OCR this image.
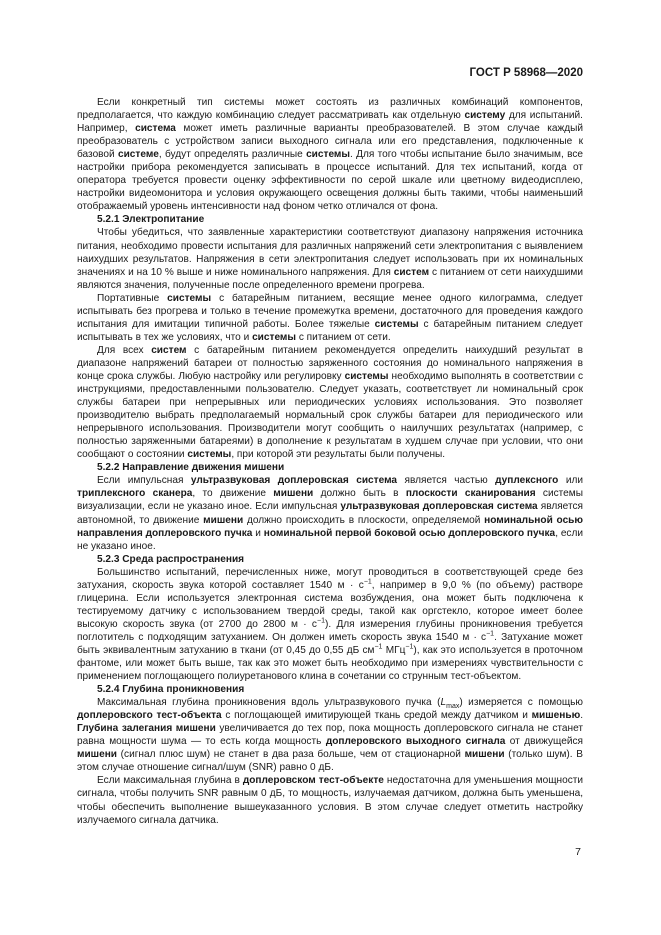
ГОСТ Р 58968—2020

Если конкретный тип системы может состоять из различных комбинаций компонентов, предполагается, что каждую комбинацию следует рассматривать как отдельную систему для испытаний. Например, система может иметь различные варианты преобразователей. В этом случае каждый преобразователь с устройством записи выходного сигнала или его представления, подключенные к базовой системе, будут определять различные системы. Для того чтобы испытание было значимым, все настройки прибора рекомендуется записывать в процессе испытаний. Для тех испытаний, когда от оператора требуется провести оценку эффективности по серой шкале или цветному видеодисплею, настройки видеомонитора и условия окружающего освещения должны быть такими, чтобы наименьший отображаемый уровень интенсивности над фоном четко отличался от фона.

5.2.1 Электропитание

Чтобы убедиться, что заявленные характеристики соответствуют диапазону напряжения источника питания, необходимо провести испытания для различных напряжений сети электропитания с выявлением наихудших результатов. Напряжения в сети электропитания следует использовать при их номинальных значениях и на 10 % выше и ниже номинального напряжения. Для систем с питанием от сети наихудшими являются значения, полученные после определенного времени прогрева.

Портативные системы с батарейным питанием, весящие менее одного килограмма, следует испытывать без прогрева и только в течение промежутка времени, достаточного для проведения каждого испытания для имитации типичной работы. Более тяжелые системы с батарейным питанием следует испытывать в тех же условиях, что и системы с питанием от сети.

Для всех систем с батарейным питанием рекомендуется определить наихудший результат в диапазоне напряжений батареи от полностью заряженного состояния до номинального напряжения в конце срока службы. Любую настройку или регулировку системы необходимо выполнять в соответствии с инструкциями, предоставленными пользователю. Следует указать, соответствует ли номинальный срок службы батареи при непрерывных или периодических условиях использования. Это позволяет производителю выбрать предполагаемый нормальный срок службы батареи для периодического или непрерывного использования. Производители могут сообщить о наилучших результатах (например, с полностью заряженными батареями) в дополнение к результатам в худшем случае при условии, что они сообщают о состоянии системы, при которой эти результаты были получены.

5.2.2 Направление движения мишени

Если импульсная ультразвуковая доплеровская система является частью дуплексного или триплексного сканера, то движение мишени должно быть в плоскости сканирования системы визуализации, если не указано иное. Если импульсная ультразвуковая доплеровская система является автономной, то движение мишени должно происходить в плоскости, определяемой номинальной осью направления доплеровского пучка и номинальной первой боковой осью доплеровского пучка, если не указано иное.

5.2.3 Среда распространения

Большинство испытаний, перечисленных ниже, могут проводиться в соответствующей среде без затухания, скорость звука которой составляет 1540 $м \cdot с^{-1}$, например в 9,0 % (по объему) растворе глицерина. Если используется электронная система возбуждения, она может быть подключена к тестируемому датчику с использованием твердой среды, такой как оргстекло, которое имеет более высокую скорость звука (от 2700 до 2800 $м \cdot с^{-1}$). Для измерения глубины проникновения требуется поглотитель с подходящим затуханием. Он должен иметь скорость звука 1540 $м \cdot с^{-1}$. Затухание может быть эквивалентным затуханию в ткани (от 0,45 до 0,55 дБ $см^{-1}$ МГц$^{-1}$), как это используется в проточном фантоме, или может быть выше, так как это может быть необходимо при измерениях чувствительности с применением поглощающего полиуретанового клина в сочетании со струнным тест-объектом.

5.2.4 Глубина проникновения

Максимальная глубина проникновения вдоль ультразвукового пучка $(L_{max})$ измеряется с помощью доплеровского тест-объекта с поглощающей имитирующей ткань средой между датчиком и мишенью. Глубина залегания мишени увеличивается до тех пор, пока мощность доплеровского сигнала не станет равна мощности шума — то есть когда мощность доплеровского выходного сигнала от движущейся мишени (сигнал плюс шум) не станет в два раза больше, чем от стационарной мишени (только шум). В этом случае отношение сигнал/шум (SNR) равно 0 дБ.

Если максимальная глубина в доплеровском тест-объекте недостаточна для уменьшения мощности сигнала, чтобы получить SNR равным 0 дБ, то мощность, излучаемая датчиком, должна быть уменьшена, чтобы обеспечить выполнение вышеуказанного условия. В этом случае следует отметить настройку излучаемого сигнала датчика.

7
